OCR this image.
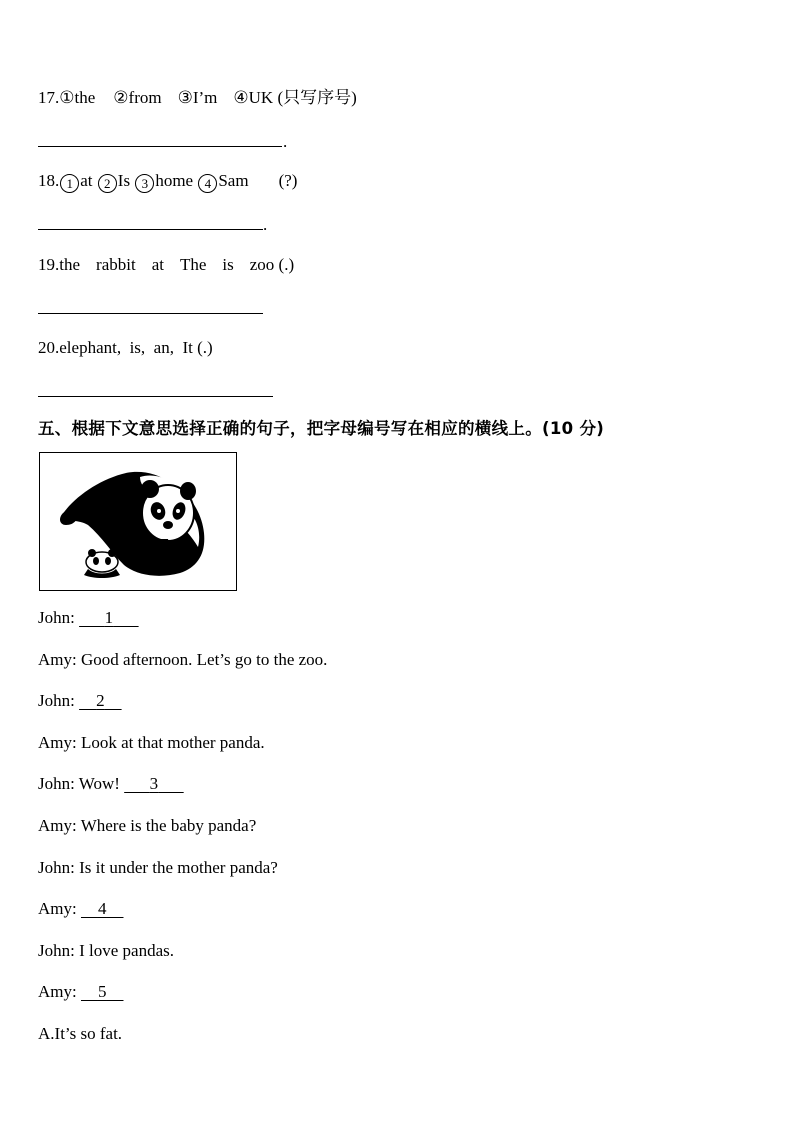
17.①the ②from ③I’m ④UK (只写序号)
.
18. 1 at 2 Is 3 home 4 Sam (?)
.
19.the rabbit at The is zoo (.)
20.elephant,  is,  an,  It (.)
五、根据下文意思选择正确的句子，把字母编号写在相应的横线上。(10 分)
John:    1  
Amy: Good afternoon. Let’s go to the zoo.
John:    2  
Amy: Look at that mother panda.
John: Wow!    3  
Amy: Where is the baby panda?
John: Is it under the mother panda?
Amy:    4  
John: I love pandas.
Amy:    5  
A.It’s so fat.
